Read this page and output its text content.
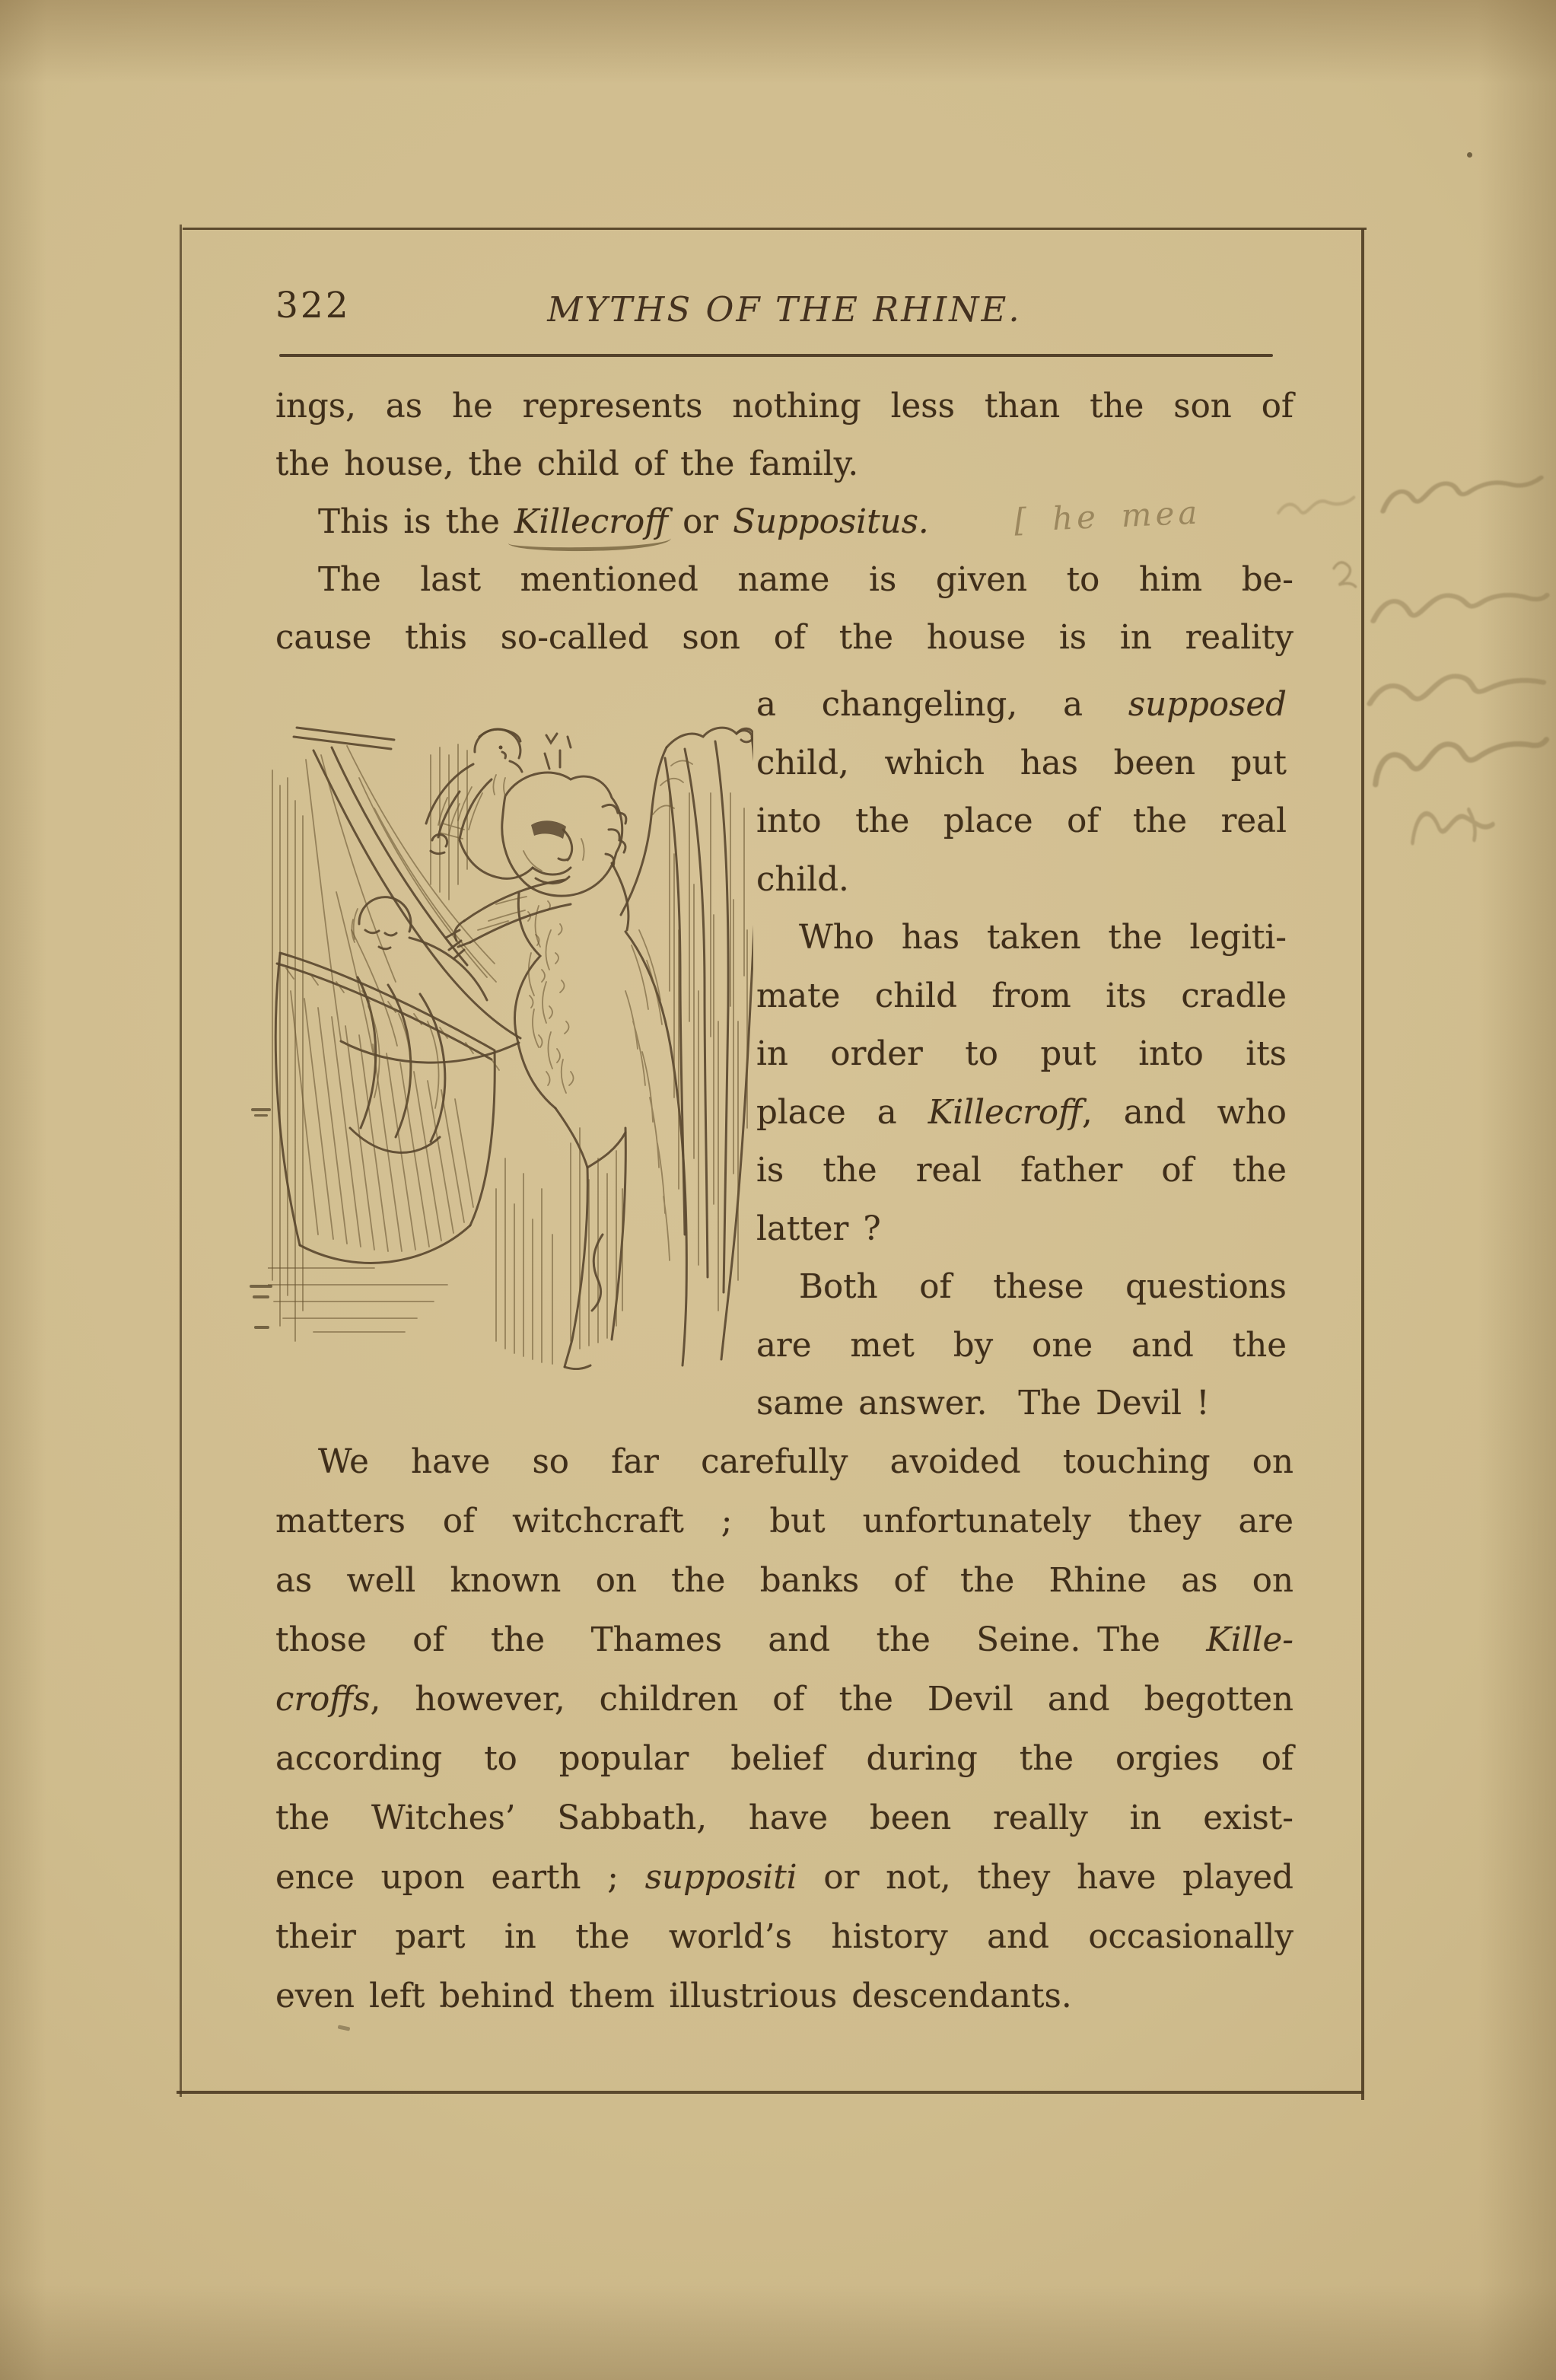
322	MYTHS OF THE RHINE.
ings, as he represents nothing less than the son of
the house, the child of the family.
This is the Killecroff or Suppositus.	[ he mea
The last mentioned name is given to him be-
cause this so-called son of the house is in reality
a changeling, a supposed
child, which has been put
into the place of the real
child.
Who has taken the legiti-
mate child from its cradle
in order to put into its
place a Killecroff, and who
is the real father of the
latter ?
Both of these questions
are met by one and the
same answer.  The Devil !
We have so far carefully avoided touching on
matters of witchcraft ; but unfortunately they are
as well known on the banks of the Rhine as on
those of the Thames and the Seine. The Kille-
croffs, however, children of the Devil and begotten
according to popular belief during the orgies of
the Witches’ Sabbath, have been really in exist-
ence upon earth ; suppositi or not, they have played
their part in the world’s history and occasionally
even left behind them illustrious descendants.
